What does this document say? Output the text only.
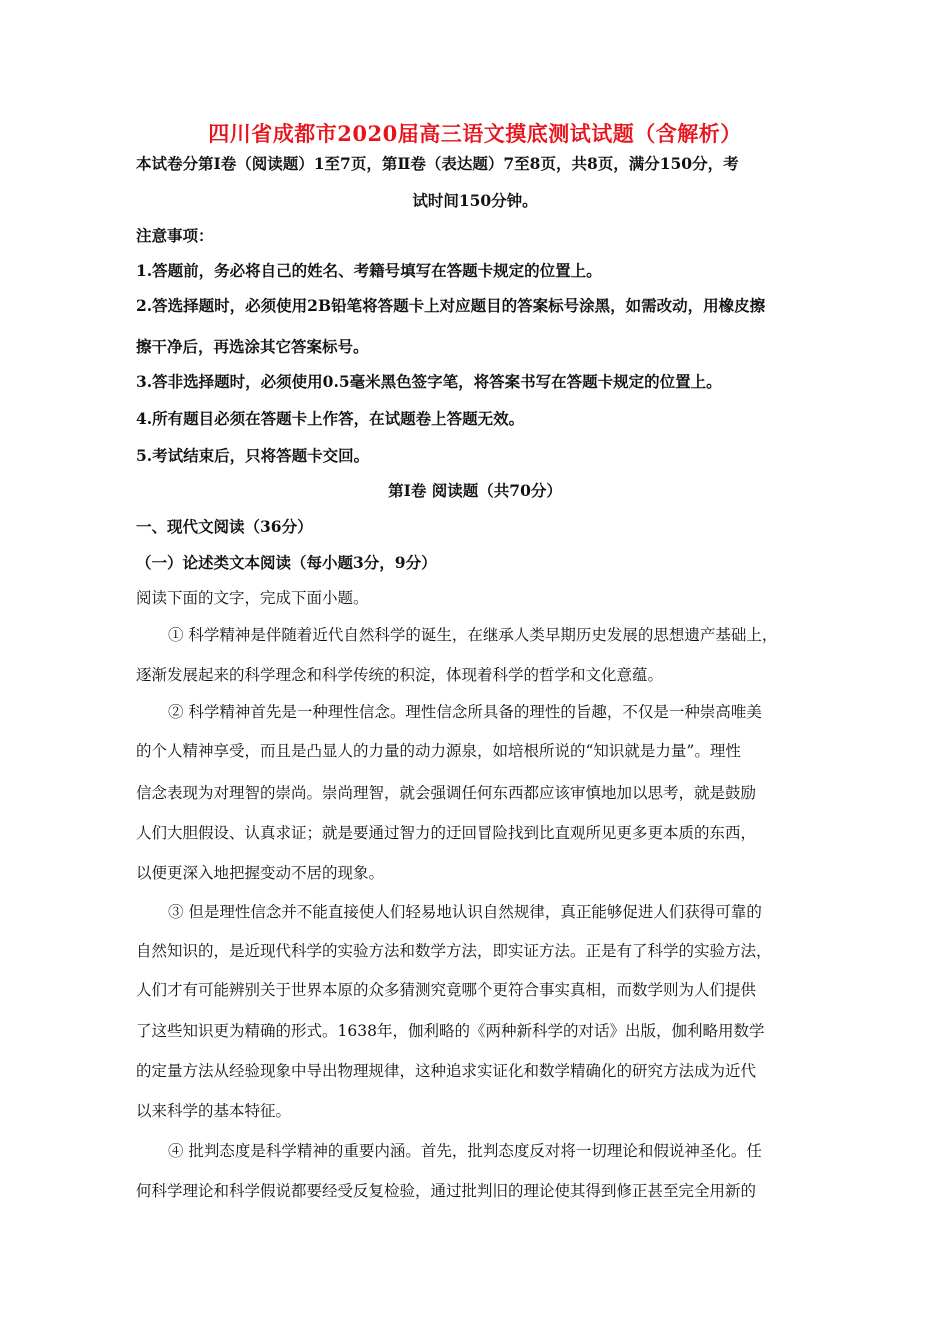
四川省成都市2020届高三语文摸底测试试题（含解析）
本试卷分第Ⅰ卷（阅读题）1至7页，第Ⅱ卷（表达题）7至8页，共8页，满分150分，考
试时间150分钟。
注意事项：
1.答题前，务必将自己的姓名、考籍号填写在答题卡规定的位置上。
2.答选择题时，必须使用2B铅笔将答题卡上对应题目的答案标号涂黑，如需改动，用橡皮擦
擦干净后，再选涂其它答案标号。
3.答非选择题时，必须使用0.5毫米黑色签字笔，将答案书写在答题卡规定的位置上。
4.所有题目必须在答题卡上作答，在试题卷上答题无效。
5.考试结束后，只将答题卡交回。
第Ⅰ卷 阅读题（共70分）
一、现代文阅读（36分）
（一）论述类文本阅读（每小题3分，9分）
阅读下面的文字，完成下面小题。
① 科学精神是伴随着近代自然科学的诞生，在继承人类早期历史发展的思想遗产基础上，
逐渐发展起来的科学理念和科学传统的积淀，体现着科学的哲学和文化意蕴。
② 科学精神首先是一种理性信念。理性信念所具备的理性的旨趣，不仅是一种崇高唯美
的个人精神享受，而且是凸显人的力量的动力源泉，如培根所说的“知识就是力量”。理性
信念表现为对理智的崇尚。崇尚理智，就会强调任何东西都应该审慎地加以思考，就是鼓励
人们大胆假设、认真求证；就是要通过智力的迂回冒险找到比直观所见更多更本质的东西，
以便更深入地把握变动不居的现象。
③ 但是理性信念并不能直接使人们轻易地认识自然规律，真正能够促进人们获得可靠的
自然知识的，是近现代科学的实验方法和数学方法，即实证方法。正是有了科学的实验方法，
人们才有可能辨别关于世界本原的众多猜测究竟哪个更符合事实真相，而数学则为人们提供
了这些知识更为精确的形式。1638年，伽利略的《两种新科学的对话》出版，伽利略用数学
的定量方法从经验现象中导出物理规律，这种追求实证化和数学精确化的研究方法成为近代
以来科学的基本特征。
④ 批判态度是科学精神的重要内涵。首先，批判态度反对将一切理论和假说神圣化。任
何科学理论和科学假说都要经受反复检验，通过批判旧的理论使其得到修正甚至完全用新的
